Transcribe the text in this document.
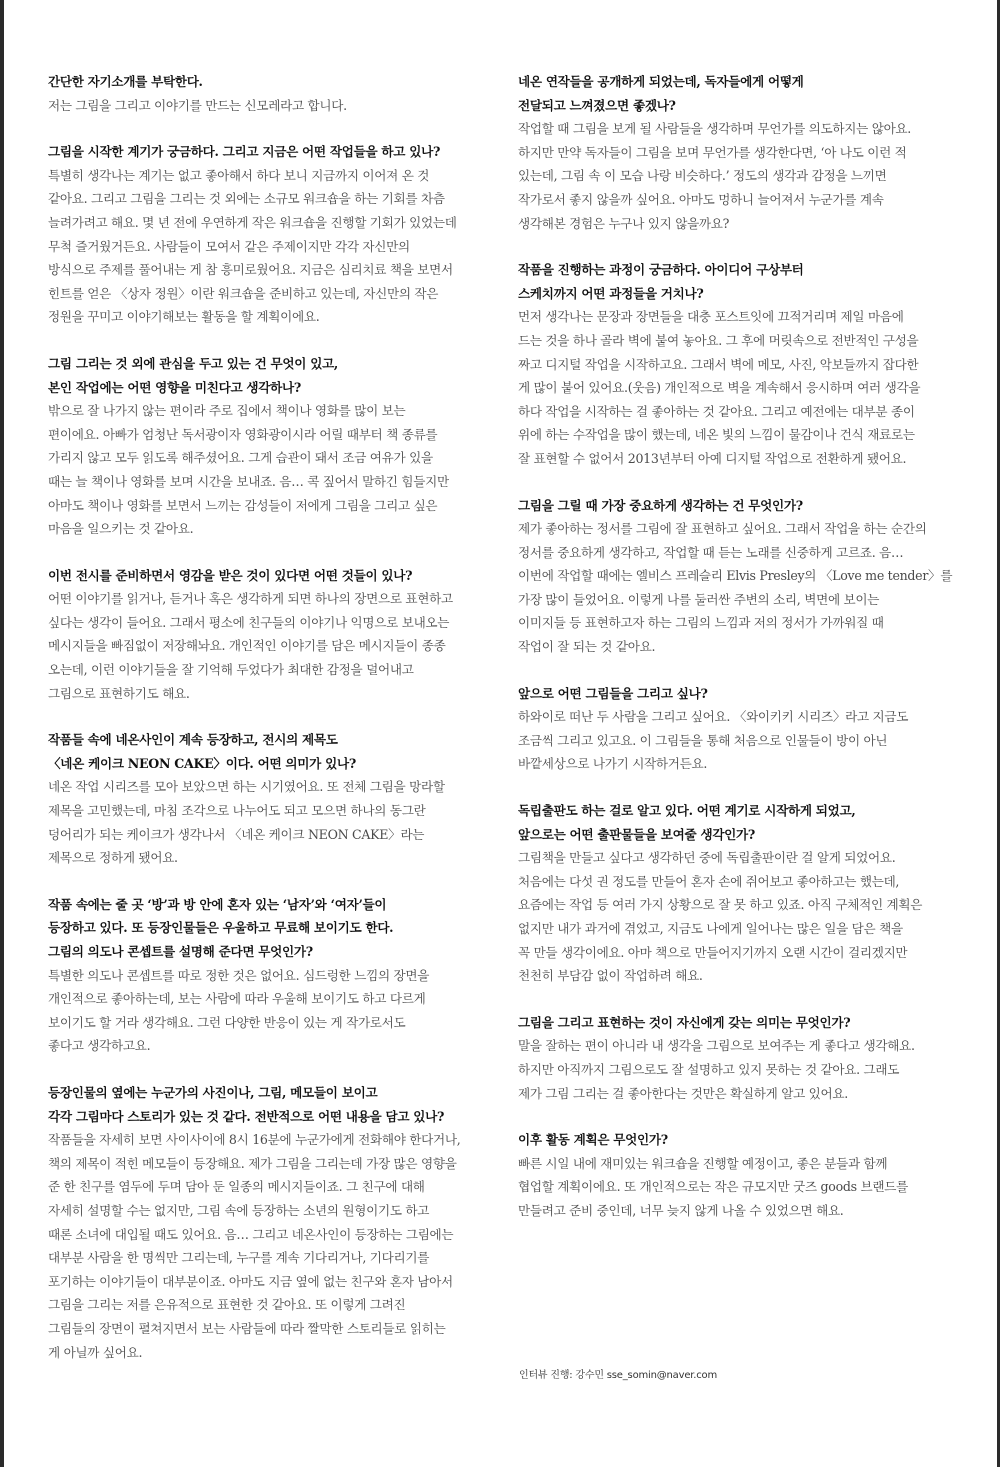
간단한 자기소개를 부탁한다.

저는 그림을 그리고 이야기를 만드는 신모레라고 합니다.

그림을 시작한 계기가 궁금하다. 그리고 지금은 어떤 작업들을 하고 있나?

특별히 생각나는 계기는 없고 좋아해서 하다 보니 지금까지 이어져 온 것
같아요. 그리고 그림을 그리는 것 외에는 소규모 워크숍을 하는 기회를 차츰
늘려가려고 해요. 몇 년 전에 우연하게 작은 워크숍을 진행할 기회가 있었는데
무척 즐거웠거든요. 사람들이 모여서 같은 주제이지만 각각 자신만의
방식으로 주제를 풀어내는 게 참 흥미로웠어요. 지금은 심리치료 책을 보면서
힌트를 얻은 〈상자 정원〉이란 워크숍을 준비하고 있는데, 자신만의 작은
정원을 꾸미고 이야기해보는 활동을 할 계획이에요.

그림 그리는 것 외에 관심을 두고 있는 건 무엇이 있고,
본인 작업에는 어떤 영향을 미친다고 생각하나?

밖으로 잘 나가지 않는 편이라 주로 집에서 책이나 영화를 많이 보는
편이에요. 아빠가 엄청난 독서광이자 영화광이시라 어릴 때부터 책 종류를
가리지 않고 모두 읽도록 해주셨어요. 그게 습관이 돼서 조금 여유가 있을
때는 늘 책이나 영화를 보며 시간을 보내죠. 음… 콕 짚어서 말하긴 힘들지만
아마도 책이나 영화를 보면서 느끼는 감성들이 저에게 그림을 그리고 싶은
마음을 일으키는 것 같아요.

이번 전시를 준비하면서 영감을 받은 것이 있다면 어떤 것들이 있나?

어떤 이야기를 읽거나, 듣거나 혹은 생각하게 되면 하나의 장면으로 표현하고
싶다는 생각이 들어요. 그래서 평소에 친구들의 이야기나 익명으로 보내오는
메시지들을 빠짐없이 저장해놔요. 개인적인 이야기를 담은 메시지들이 종종
오는데, 이런 이야기들을 잘 기억해 두었다가 최대한 감정을 덜어내고
그림으로 표현하기도 해요.

작품들 속에 네온사인이 계속 등장하고, 전시의 제목도
〈네온 케이크 NEON CAKE〉이다. 어떤 의미가 있나?

네온 작업 시리즈를 모아 보았으면 하는 시기였어요. 또 전체 그림을 망라할
제목을 고민했는데, 마침 조각으로 나누어도 되고 모으면 하나의 동그란
덩어리가 되는 케이크가 생각나서 〈네온 케이크 NEON CAKE〉라는
제목으로 정하게 됐어요.

작품 속에는 줄 곳 ‘방’과 방 안에 혼자 있는 ‘남자’와 ‘여자’들이
등장하고 있다. 또 등장인물들은 우울하고 무료해 보이기도 한다.
그림의 의도나 콘셉트를 설명해 준다면 무엇인가?

특별한 의도나 콘셉트를 따로 정한 것은 없어요. 심드렁한 느낌의 장면을
개인적으로 좋아하는데, 보는 사람에 따라 우울해 보이기도 하고 다르게
보이기도 할 거라 생각해요. 그런 다양한 반응이 있는 게 작가로서도
좋다고 생각하고요.

등장인물의 옆에는 누군가의 사진이나, 그림, 메모들이 보이고
각각 그림마다 스토리가 있는 것 같다. 전반적으로 어떤 내용을 담고 있나?

작품들을 자세히 보면 사이사이에 8시 16분에 누군가에게 전화해야 한다거나,
책의 제목이 적힌 메모들이 등장해요. 제가 그림을 그리는데 가장 많은 영향을
준 한 친구를 염두에 두며 담아 둔 일종의 메시지들이죠. 그 친구에 대해
자세히 설명할 수는 없지만, 그림 속에 등장하는 소년의 원형이기도 하고
때론 소녀에 대입될 때도 있어요. 음… 그리고 네온사인이 등장하는 그림에는
대부분 사람을 한 명씩만 그리는데, 누구를 계속 기다리거나, 기다리기를
포기하는 이야기들이 대부분이죠. 아마도 지금 옆에 없는 친구와 혼자 남아서
그림을 그리는 저를 은유적으로 표현한 것 같아요. 또 이렇게 그려진
그림들의 장면이 펼쳐지면서 보는 사람들에 따라 짤막한 스토리들로 읽히는
게 아닐까 싶어요.

네온 연작들을 공개하게 되었는데, 독자들에게 어떻게
전달되고 느껴졌으면 좋겠나?

작업할 때 그림을 보게 될 사람들을 생각하며 무언가를 의도하지는 않아요.
하지만 만약 독자들이 그림을 보며 무언가를 생각한다면, ‘아 나도 이런 적
있는데, 그림 속 이 모습 나랑 비슷하다.’ 정도의 생각과 감정을 느끼면
작가로서 좋지 않을까 싶어요. 아마도 멍하니 늘어져서 누군가를 계속
생각해본 경험은 누구나 있지 않을까요?

작품을 진행하는 과정이 궁금하다. 아이디어 구상부터
스케치까지 어떤 과정들을 거치나?

먼저 생각나는 문장과 장면들을 대충 포스트잇에 끄적거리며 제일 마음에
드는 것을 하나 골라 벽에 붙여 놓아요. 그 후에 머릿속으로 전반적인 구성을
짜고 디지털 작업을 시작하고요. 그래서 벽에 메모, 사진, 악보들까지 잡다한
게 많이 붙어 있어요.(웃음) 개인적으로 벽을 계속해서 응시하며 여러 생각을
하다 작업을 시작하는 걸 좋아하는 것 같아요. 그리고 예전에는 대부분 종이
위에 하는 수작업을 많이 했는데, 네온 빛의 느낌이 물감이나 건식 재료로는
잘 표현할 수 없어서 2013년부터 아예 디지털 작업으로 전환하게 됐어요.

그림을 그릴 때 가장 중요하게 생각하는 건 무엇인가?

제가 좋아하는 정서를 그림에 잘 표현하고 싶어요. 그래서 작업을 하는 순간의
정서를 중요하게 생각하고, 작업할 때 듣는 노래를 신중하게 고르죠. 음…
이번에 작업할 때에는 엘비스 프레슬리 Elvis Presley의 〈Love me tender〉를
가장 많이 들었어요. 이렇게 나를 둘러싼 주변의 소리, 벽면에 보이는
이미지들 등 표현하고자 하는 그림의 느낌과 저의 정서가 가까워질 때
작업이 잘 되는 것 같아요.

앞으로 어떤 그림들을 그리고 싶나?

하와이로 떠난 두 사람을 그리고 싶어요. 〈와이키키 시리즈〉라고 지금도
조금씩 그리고 있고요. 이 그림들을 통해 처음으로 인물들이 방이 아닌
바깥세상으로 나가기 시작하거든요.

독립출판도 하는 걸로 알고 있다. 어떤 계기로 시작하게 되었고,
앞으로는 어떤 출판물들을 보여줄 생각인가?

그림책을 만들고 싶다고 생각하던 중에 독립출판이란 걸 알게 되었어요.
처음에는 다섯 권 정도를 만들어 혼자 손에 쥐어보고 좋아하고는 했는데,
요즘에는 작업 등 여러 가지 상황으로 잘 못 하고 있죠. 아직 구체적인 계획은
없지만 내가 과거에 겪었고, 지금도 나에게 일어나는 많은 일을 담은 책을
꼭 만들 생각이에요. 아마 책으로 만들어지기까지 오랜 시간이 걸리겠지만
천천히 부담감 없이 작업하려 해요.

그림을 그리고 표현하는 것이 자신에게 갖는 의미는 무엇인가?

말을 잘하는 편이 아니라 내 생각을 그림으로 보여주는 게 좋다고 생각해요.
하지만 아직까지 그림으로도 잘 설명하고 있지 못하는 것 같아요. 그래도
제가 그림 그리는 걸 좋아한다는 것만은 확실하게 알고 있어요.

이후 활동 계획은 무엇인가?

빠른 시일 내에 재미있는 워크숍을 진행할 예정이고, 좋은 분들과 함께
협업할 계획이에요. 또 개인적으로는 작은 규모지만 굿즈 goods 브랜드를
만들려고 준비 중인데, 너무 늦지 않게 나올 수 있었으면 해요.

인터뷰 진행: 강수민 sse_somin@naver.com
